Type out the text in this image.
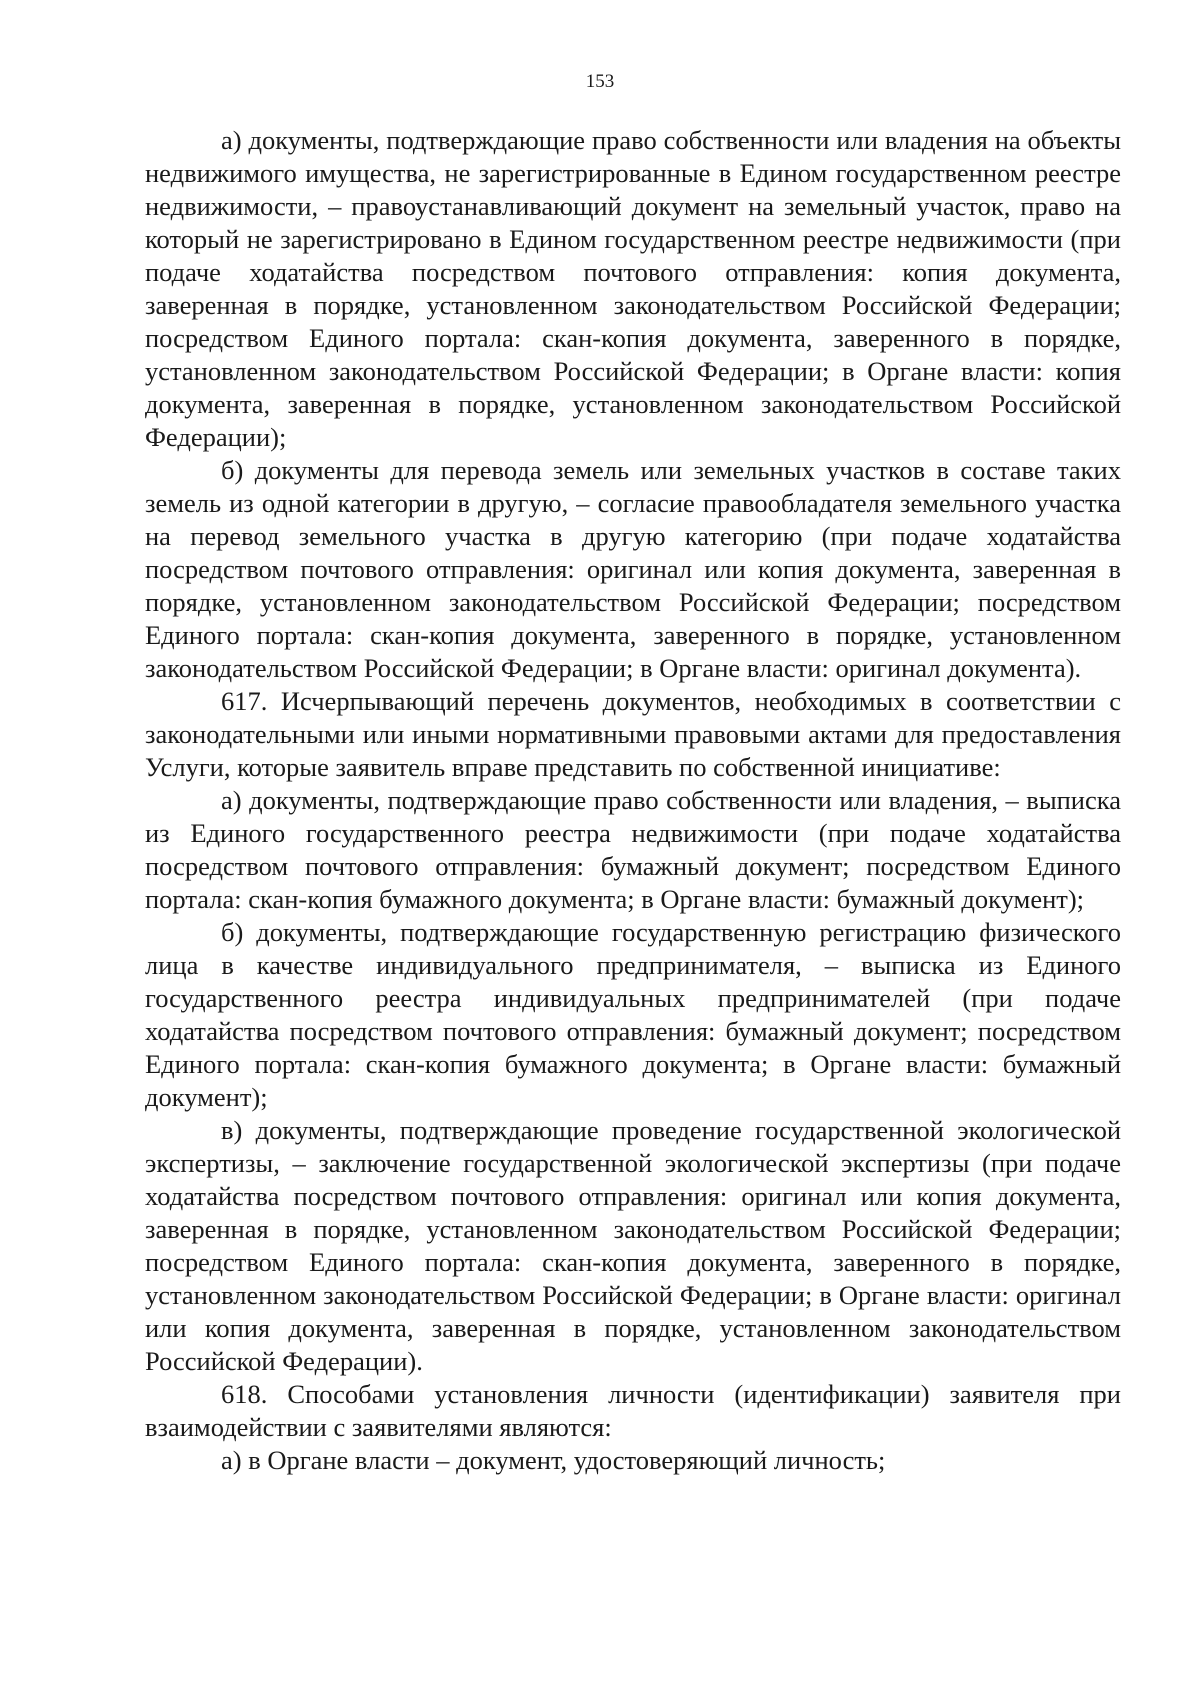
153

а) документы, подтверждающие право собственности или владения на объекты недвижимого имущества, не зарегистрированные в Едином государственном реестре недвижимости, – правоустанавливающий документ на земельный участок, право на который не зарегистрировано в Едином государственном реестре недвижимости (при подаче ходатайства посредством почтового отправления: копия документа, заверенная в порядке, установленном законодательством Российской Федерации; посредством Единого портала: скан-копия документа, заверенного в порядке, установленном законодательством Российской Федерации; в Органе власти: копия документа, заверенная в порядке, установленном законодательством Российской Федерации);

б) документы для перевода земель или земельных участков в составе таких земель из одной категории в другую, – согласие правообладателя земельного участка на перевод земельного участка в другую категорию (при подаче ходатайства посредством почтового отправления: оригинал или копия документа, заверенная в порядке, установленном законодательством Российской Федерации; посредством Единого портала: скан-копия документа, заверенного в порядке, установленном законодательством Российской Федерации; в Органе власти: оригинал документа).

617. Исчерпывающий перечень документов, необходимых в соответствии с законодательными или иными нормативными правовыми актами для предоставления Услуги, которые заявитель вправе представить по собственной инициативе:

а) документы, подтверждающие право собственности или владения, – выписка из Единого государственного реестра недвижимости (при подаче ходатайства посредством почтового отправления: бумажный документ; посредством Единого портала: скан-копия бумажного документа; в Органе власти: бумажный документ);

б) документы, подтверждающие государственную регистрацию физического лица в качестве индивидуального предпринимателя, – выписка из Единого государственного реестра индивидуальных предпринимателей (при подаче ходатайства посредством почтового отправления: бумажный документ; посредством Единого портала: скан-копия бумажного документа; в Органе власти: бумажный документ);

в) документы, подтверждающие проведение государственной экологической экспертизы, – заключение государственной экологической экспертизы (при подаче ходатайства посредством почтового отправления: оригинал или копия документа, заверенная в порядке, установленном законодательством Российской Федерации; посредством Единого портала: скан-копия документа, заверенного в порядке, установленном законодательством Российской Федерации; в Органе власти: оригинал или копия документа, заверенная в порядке, установленном законодательством Российской Федерации).

618. Способами установления личности (идентификации) заявителя при взаимодействии с заявителями являются:

а) в Органе власти – документ, удостоверяющий личность;
